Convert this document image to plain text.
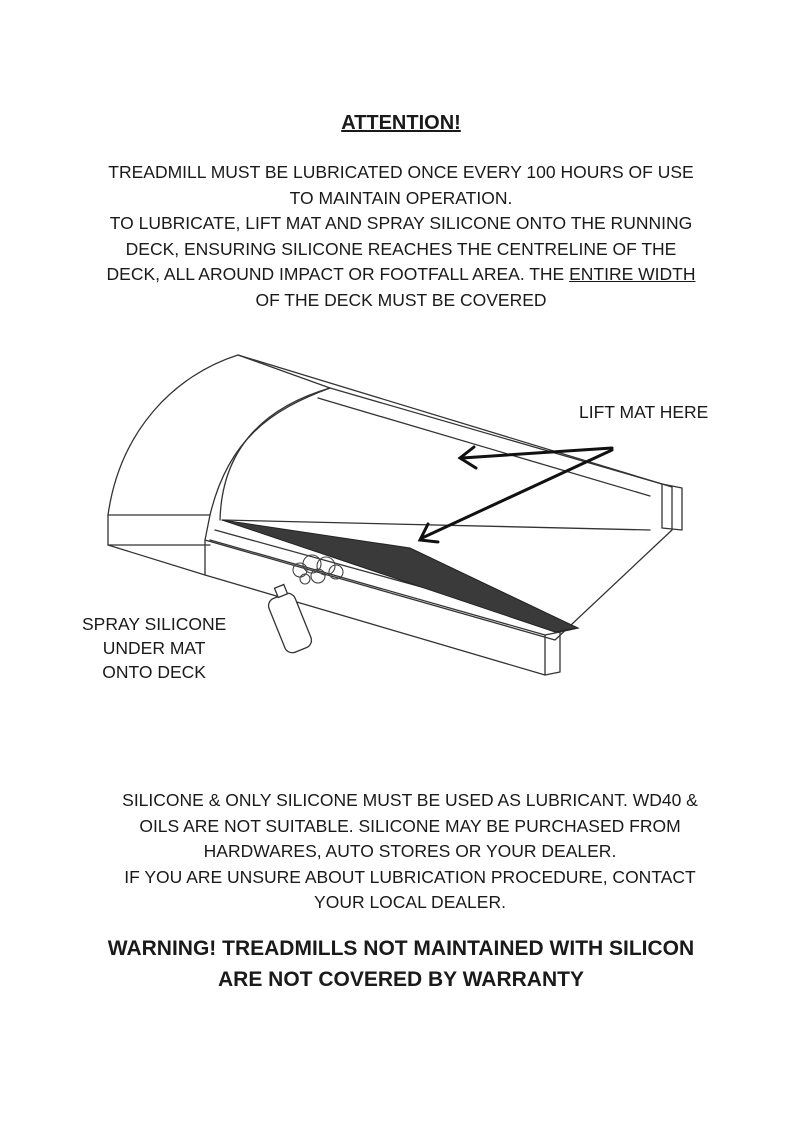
ATTENTION!
TREADMILL MUST BE LUBRICATED ONCE EVERY 100 HOURS OF USE
TO MAINTAIN OPERATION.
TO LUBRICATE, LIFT MAT AND SPRAY SILICONE ONTO THE RUNNING
DECK, ENSURING SILICONE REACHES THE CENTRELINE OF THE
DECK, ALL AROUND IMPACT OR FOOTFALL AREA. THE ENTIRE WIDTH
OF THE DECK MUST BE COVERED
LIFT MAT HERE
SPRAY SILICONE
UNDER MAT
ONTO DECK
SILICONE & ONLY SILICONE MUST BE USED AS LUBRICANT. WD40 &
OILS ARE NOT SUITABLE. SILICONE MAY BE PURCHASED FROM
HARDWARES, AUTO STORES OR YOUR DEALER.
IF YOU ARE UNSURE ABOUT LUBRICATION PROCEDURE, CONTACT
YOUR LOCAL DEALER.
WARNING! TREADMILLS NOT MAINTAINED WITH SILICON
ARE NOT COVERED BY WARRANTY
